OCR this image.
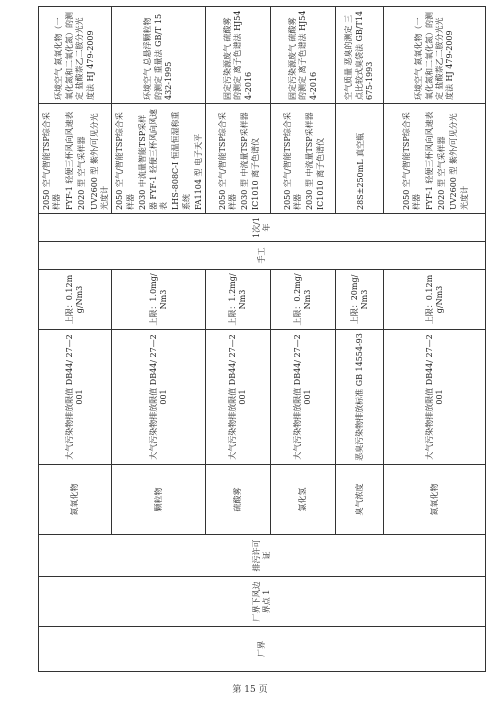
厂界	厂界下风边界点 1	排污许可证	氮氧化物	大气污染物排放限值 DB44/ 27—2001	上限：0.12mg/Nm3	手工	1次/1年	2050 空气/智能TSP综合采样器 FYF-1 轻便三杯风向风速表 2020 型 空气采样器 UV2600 型 紫外/可见分光光度计	环境空气 氮氧化物（一氧化氮和二氧化氮）的测定 盐酸萘乙二胺分光光度法 HJ 479-2009
			颗粒物	大气污染物排放限值 DB44/ 27—2001	上限：1.0mg/Nm3			2050 空气/智能TSP综合采样器 2030 中流量智能TSP采样器 FYF-1 轻便三杯风向风速表 LHS-808C-I 恒温恒湿称重系统 FA1104 型 电子天平	环境空气 总悬浮颗粒物的测定 重量法 GB/T 15432-1995
			硫酸雾	大气污染物排放限值 DB44/ 27—2001	上限：1.2mg/Nm3			2050 空气/智能TSP综合采样器 2030 型 中流量TSP采样器 IC1010 离子色谱仪	固定污染源废气 硫酸雾的测定 离子色谱法 HJ544-2016
			氯化氢	大气污染物排放限值 DB44/ 27—2001	上限：0.2mg/Nm3			2050 空气/智能TSP综合采样器 2030 型 中流量TSP采样器 IC1010 离子色谱仪	固定污染源废气 硫酸雾的测定 离子色谱法 HJ544-2016
			臭气浓度	恶臭污染物排放标准 GB 14554-93	上限：20mg/Nm3			28S±250mL 真空瓶	空气质量 恶臭的测定 三点比较式臭袋法 GB/T14675-1993
			氮氧化物	大气污染物排放限值 DB44/ 27—2001	上限：0.12mg/Nm3			2050 空气/智能TSP综合采样器 FYF-1 轻便三杯风向风速表 2020 型 空气采样器 UV2600 型 紫外/可见分光光度计	环境空气 氮氧化物（一氧化氮和二氧化氮）的测定 盐酸萘乙二胺分光光度法 HJ 479-2009
第 15 页
